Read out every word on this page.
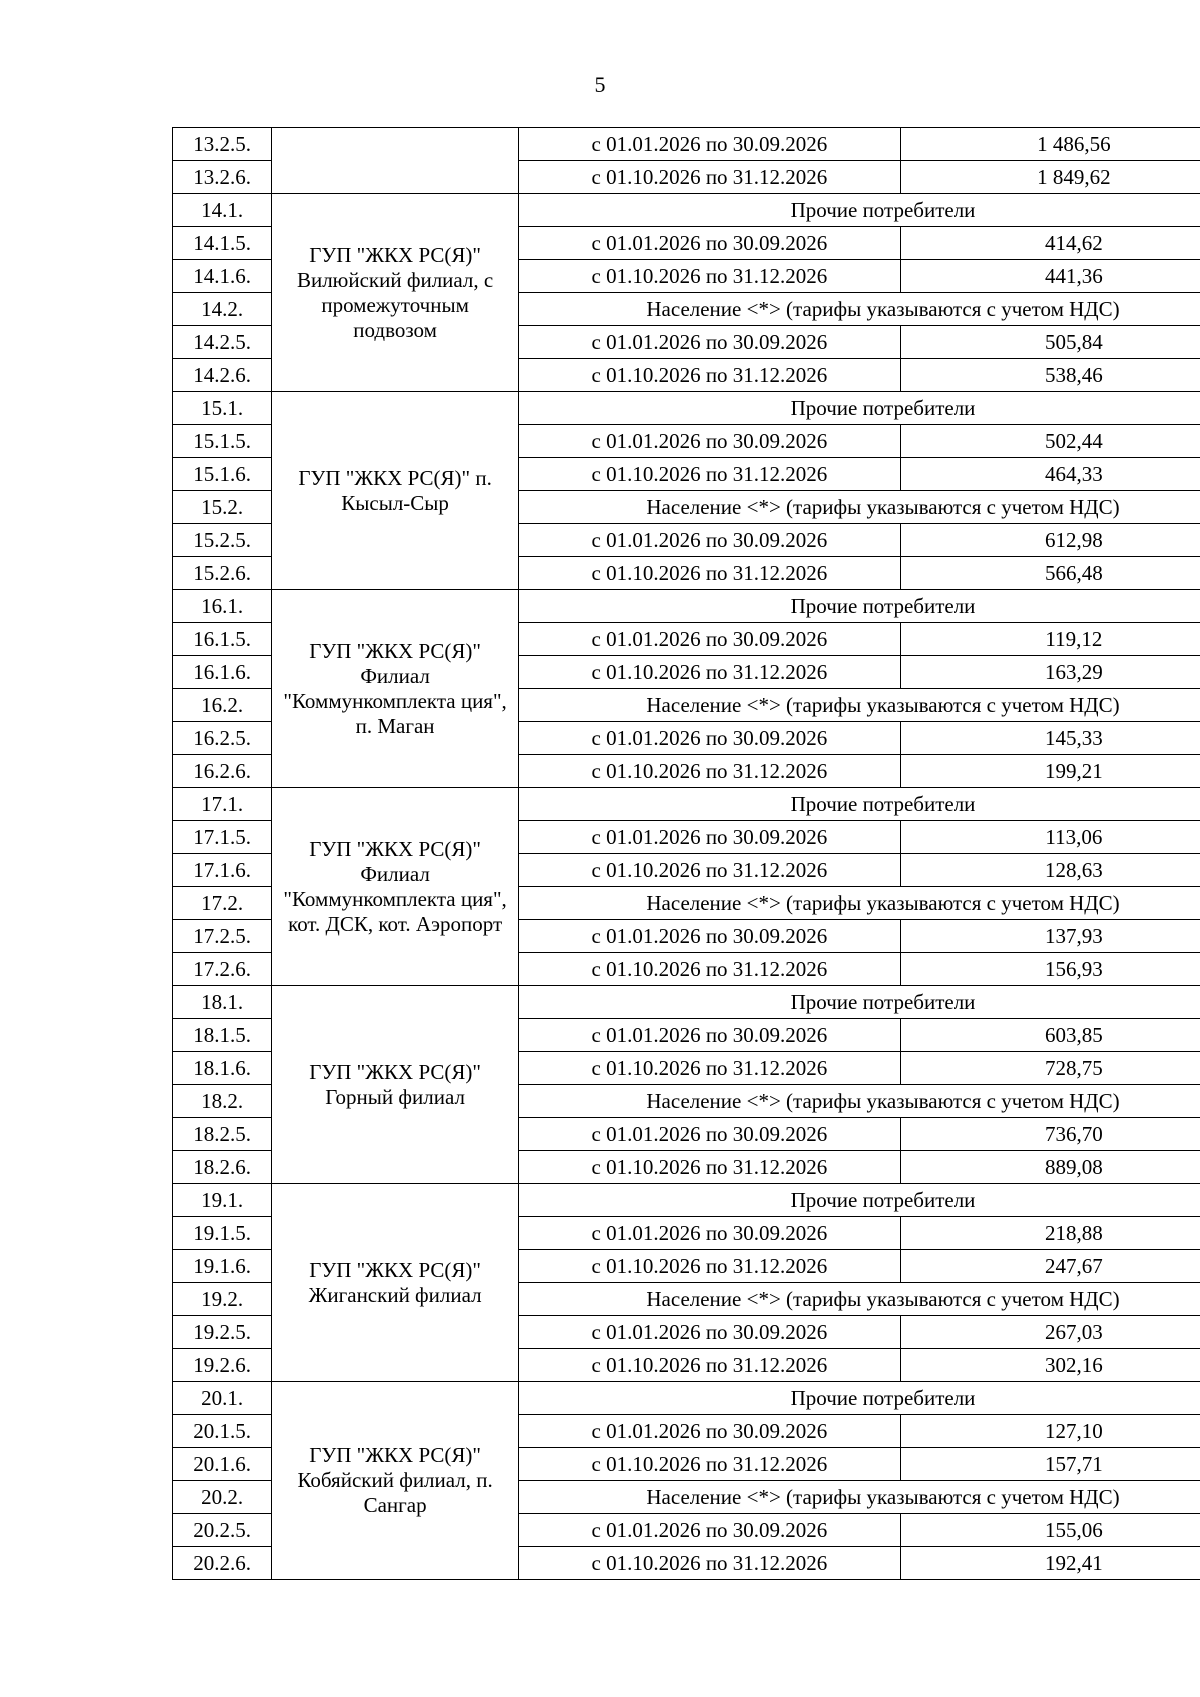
5
13.2.5.		с 01.01.2026 по 30.09.2026	1 486,56
13.2.6.		с 01.10.2026 по 31.12.2026	1 849,62
14.1.	ГУП "ЖКХ РС(Я)" Вилюйский филиал, с промежуточным подвозом	Прочие потребители	
14.1.5.		с 01.01.2026 по 30.09.2026	414,62
14.1.6.		с 01.10.2026 по 31.12.2026	441,36
14.2.		Население <*> (тарифы указываются с учетом НДС)	
14.2.5.		с 01.01.2026 по 30.09.2026	505,84
14.2.6.		с 01.10.2026 по 31.12.2026	538,46
15.1.	ГУП "ЖКХ РС(Я)" п. Кысыл-Сыр	Прочие потребители	
15.1.5.		с 01.01.2026 по 30.09.2026	502,44
15.1.6.		с 01.10.2026 по 31.12.2026	464,33
15.2.		Население <*> (тарифы указываются с учетом НДС)	
15.2.5.		с 01.01.2026 по 30.09.2026	612,98
15.2.6.		с 01.10.2026 по 31.12.2026	566,48
16.1.	ГУП "ЖКХ РС(Я)" Филиал "Коммункомплекта ция", п. Маган	Прочие потребители	
16.1.5.		с 01.01.2026 по 30.09.2026	119,12
16.1.6.		с 01.10.2026 по 31.12.2026	163,29
16.2.		Население <*> (тарифы указываются с учетом НДС)	
16.2.5.		с 01.01.2026 по 30.09.2026	145,33
16.2.6.		с 01.10.2026 по 31.12.2026	199,21
17.1.	ГУП "ЖКХ РС(Я)" Филиал "Коммункомплекта ция", кот. ДСК, кот. Аэропорт	Прочие потребители	
17.1.5.		с 01.01.2026 по 30.09.2026	113,06
17.1.6.		с 01.10.2026 по 31.12.2026	128,63
17.2.		Население <*> (тарифы указываются с учетом НДС)	
17.2.5.		с 01.01.2026 по 30.09.2026	137,93
17.2.6.		с 01.10.2026 по 31.12.2026	156,93
18.1.	ГУП "ЖКХ РС(Я)" Горный филиал	Прочие потребители	
18.1.5.		с 01.01.2026 по 30.09.2026	603,85
18.1.6.		с 01.10.2026 по 31.12.2026	728,75
18.2.		Население <*> (тарифы указываются с учетом НДС)	
18.2.5.		с 01.01.2026 по 30.09.2026	736,70
18.2.6.		с 01.10.2026 по 31.12.2026	889,08
19.1.	ГУП "ЖКХ РС(Я)" Жиганский филиал	Прочие потребители	
19.1.5.		с 01.01.2026 по 30.09.2026	218,88
19.1.6.		с 01.10.2026 по 31.12.2026	247,67
19.2.		Население <*> (тарифы указываются с учетом НДС)	
19.2.5.		с 01.01.2026 по 30.09.2026	267,03
19.2.6.		с 01.10.2026 по 31.12.2026	302,16
20.1.	ГУП "ЖКХ РС(Я)" Кобяйский филиал, п. Сангар	Прочие потребители	
20.1.5.		с 01.01.2026 по 30.09.2026	127,10
20.1.6.		с 01.10.2026 по 31.12.2026	157,71
20.2.		Население <*> (тарифы указываются с учетом НДС)	
20.2.5.		с 01.01.2026 по 30.09.2026	155,06
20.2.6.		с 01.10.2026 по 31.12.2026	192,41
